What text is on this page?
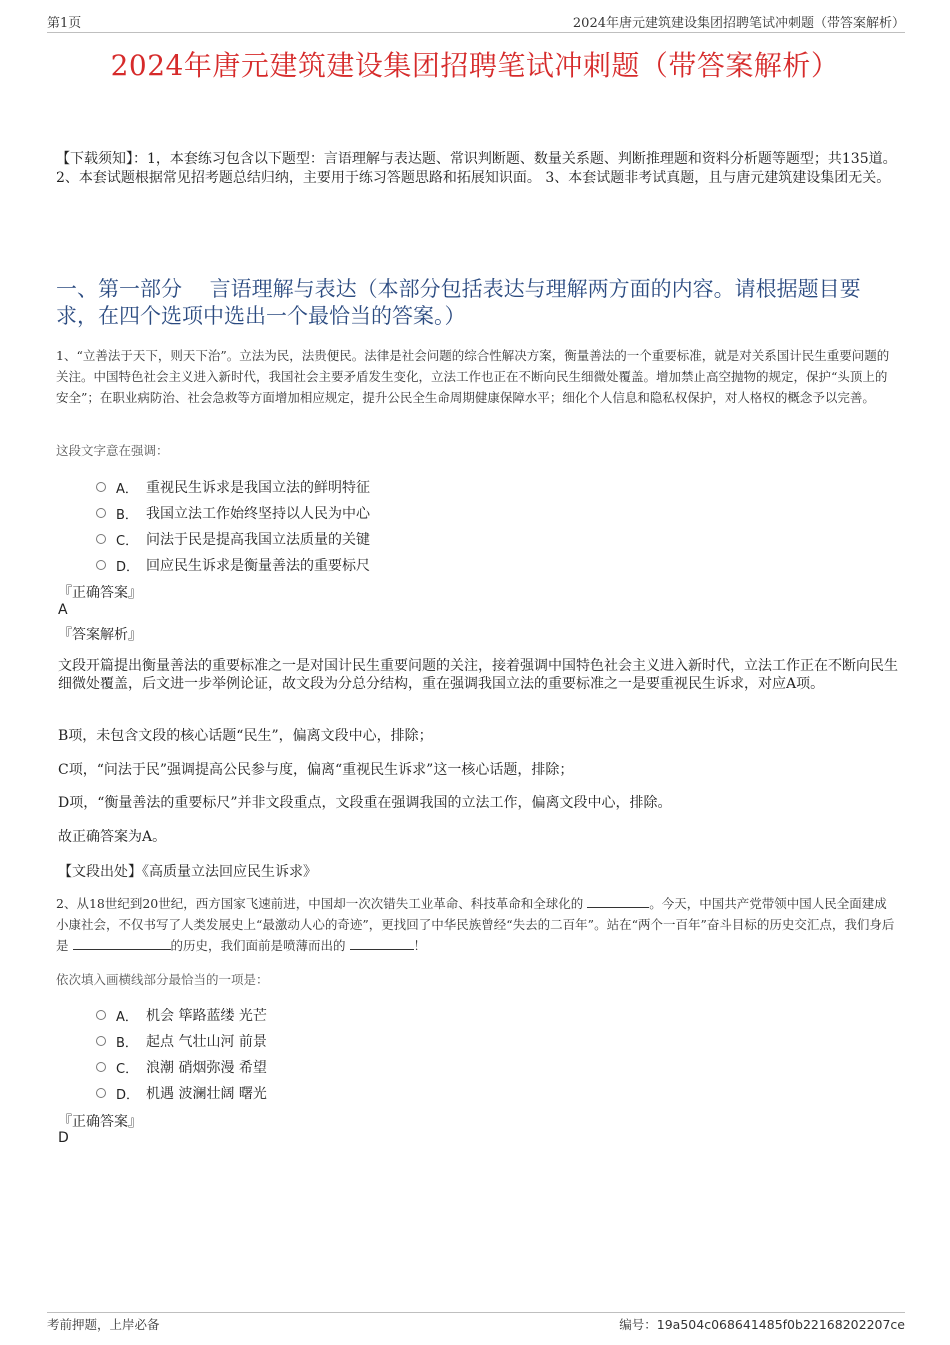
第1页	2024年唐元建筑建设集团招聘笔试冲刺题（带答案解析）
2024年唐元建筑建设集团招聘笔试冲刺题（带答案解析）
【下载须知】：1，本套练习包含以下题型：言语理解与表达题、常识判断题、数量关系题、判断推理题和资料分析题等题型；共135道。 2、本套试题根据常见招考题总结归纳，主要用于练习答题思路和拓展知识面。 3、本套试题非考试真题，且与唐元建筑建设集团无关。
一、第一部分　 言语理解与表达（本部分包括表达与理解两方面的内容。请根据题目要求，在四个选项中选出一个最恰当的答案。）
1、“立善法于天下，则天下治”。立法为民，法贵便民。法律是社会问题的综合性解决方案，衡量善法的一个重要标准，就是对关系国计民生重要问题的关注。中国特色社会主义进入新时代，我国社会主要矛盾发生变化，立法工作也正在不断向民生细微处覆盖。增加禁止高空抛物的规定，保护“头顶上的安全”；在职业病防治、社会急救等方面增加相应规定，提升公民全生命周期健康保障水平；细化个人信息和隐私权保护，对人格权的概念予以完善。
这段文字意在强调：
A． 重视民生诉求是我国立法的鲜明特征
B． 我国立法工作始终坚持以人民为中心
C． 问法于民是提高我国立法质量的关键
D． 回应民生诉求是衡量善法的重要标尺
『正确答案』
A
『答案解析』
文段开篇提出衡量善法的重要标准之一是对国计民生重要问题的关注，接着强调中国特色社会主义进入新时代，立法工作正在不断向民生细微处覆盖，后文进一步举例论证，故文段为分总分结构，重在强调我国立法的重要标准之一是要重视民生诉求，对应A项。
B项，未包含文段的核心话题“民生”，偏离文段中心，排除；
C项，“问法于民”强调提高公民参与度，偏离“重视民生诉求”这一核心话题，排除；
D项，“衡量善法的重要标尺”并非文段重点，文段重在强调我国的立法工作，偏离文段中心，排除。
故正确答案为A。
【文段出处】《高质量立法回应民生诉求》
2、从18世纪到20世纪，西方国家飞速前进，中国却一次次错失工业革命、科技革命和全球化的	。今天，中国共产党带领中国人民全面建成小康社会，不仅书写了人类发展史上“最激动人心的奇迹”，更找回了中华民族曾经“失去的二百年”。站在“两个一百年”奋斗目标的历史交汇点，我们身后是	的历史，我们面前是喷薄而出的	！
依次填入画横线部分最恰当的一项是：
A． 机会 筚路蓝缕 光芒
B． 起点 气壮山河 前景
C． 浪潮 硝烟弥漫 希望
D． 机遇 波澜壮阔 曙光
『正确答案』
D
考前押题，上岸必备	编号：19a504c068641485f0b22168202207ce
